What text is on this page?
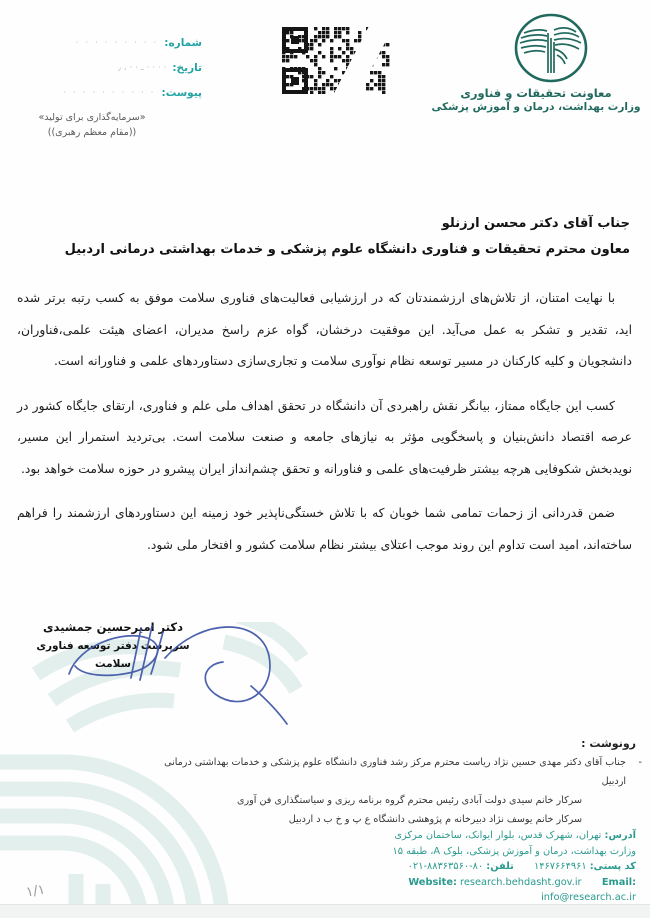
شماره:
· · · · · · · · ·
تاریخ:
· · · · ـ · · ، ٫
پیوست:
· · · · · · · · · ·	معاونت تحقیقات و فناوری
وزارت بهداشت، درمان و آموزش پزشکی
«سرمایه‌گذاری برای تولید»
((مقام معظم رهبری))
جناب آقای دکتر محسن ارزنلو
معاون محترم تحقیقات و فناوری دانشگاه علوم پزشکی و خدمات بهداشتی درمانی اردبیل

با نهایت امتنان، از تلاش‌های ارزشمندتان که در ارزشیابی فعالیت‌های فناوری سلامت موفق به کسب رتبه برتر شده اید، تقدیر و تشکر به عمل می‌آید. این موفقیت درخشان، گواه عزم راسخ مدیران، اعضای هیئت علمی،فناوران، دانشجویان و کلیه کارکنان در مسیر توسعه نظام نوآوری سلامت و تجاری‌سازی دستاوردهای علمی و فناورانه است.

کسب این جایگاه ممتاز، بیانگر نقش راهبردی آن دانشگاه در تحقق اهداف ملی علم و فناوری، ارتقای جایگاه کشور در عرصه اقتصاد دانش‌بنیان و پاسخگویی مؤثر به نیازهای جامعه و صنعت سلامت است. بی‌تردید استمرار این مسیر، نویدبخش شکوفایی هرچه بیشتر ظرفیت‌های علمی و فناورانه و تحقق چشم‌انداز ایران پیشرو در حوزه سلامت خواهد بود.

ضمن قدردانی از زحمات تمامی شما خوبان که با تلاش خستگی‌ناپذیر خود زمینه این دستاوردهای ارزشمند را فراهم ساخته‌اند، امید است تداوم این روند موجب اعتلای بیشتر نظام سلامت کشور و افتخار ملی شود.

دکتر امیرحسین جمشیدی
سرپرست دفتر توسعه فناوری سلامت
رونوشت :
-
جناب آقای دکتر مهدی حسین نژاد ریاست محترم مرکز رشد فناوری دانشگاه علوم پزشکی و خدمات بهداشتی درمانی اردبیل
سرکار خانم سیدی دولت آبادی رئیس محترم گروه برنامه ریزی و سیاستگذاری فن آوری
سرکار خانم یوسف نژاد دبیرخانه م پژوهشی دانشگاه ع پ و خ ب د اردبیل
آدرس: تهران، شهرک قدس، بلوار ایوانک، ساختمان مرکزی
وزارت بهداشت، درمان و آموزش پزشکی، بلوک A، طبقه ۱۵
کد پستی: ۱۴۶۷۶۶۴۹۶۱  تلفن: ۰۲۱-۸۸۳۶۳۵۶۰-۸۰
Website: research.behdasht.gov.ir Email: info@research.ac.ir
۱/۱
